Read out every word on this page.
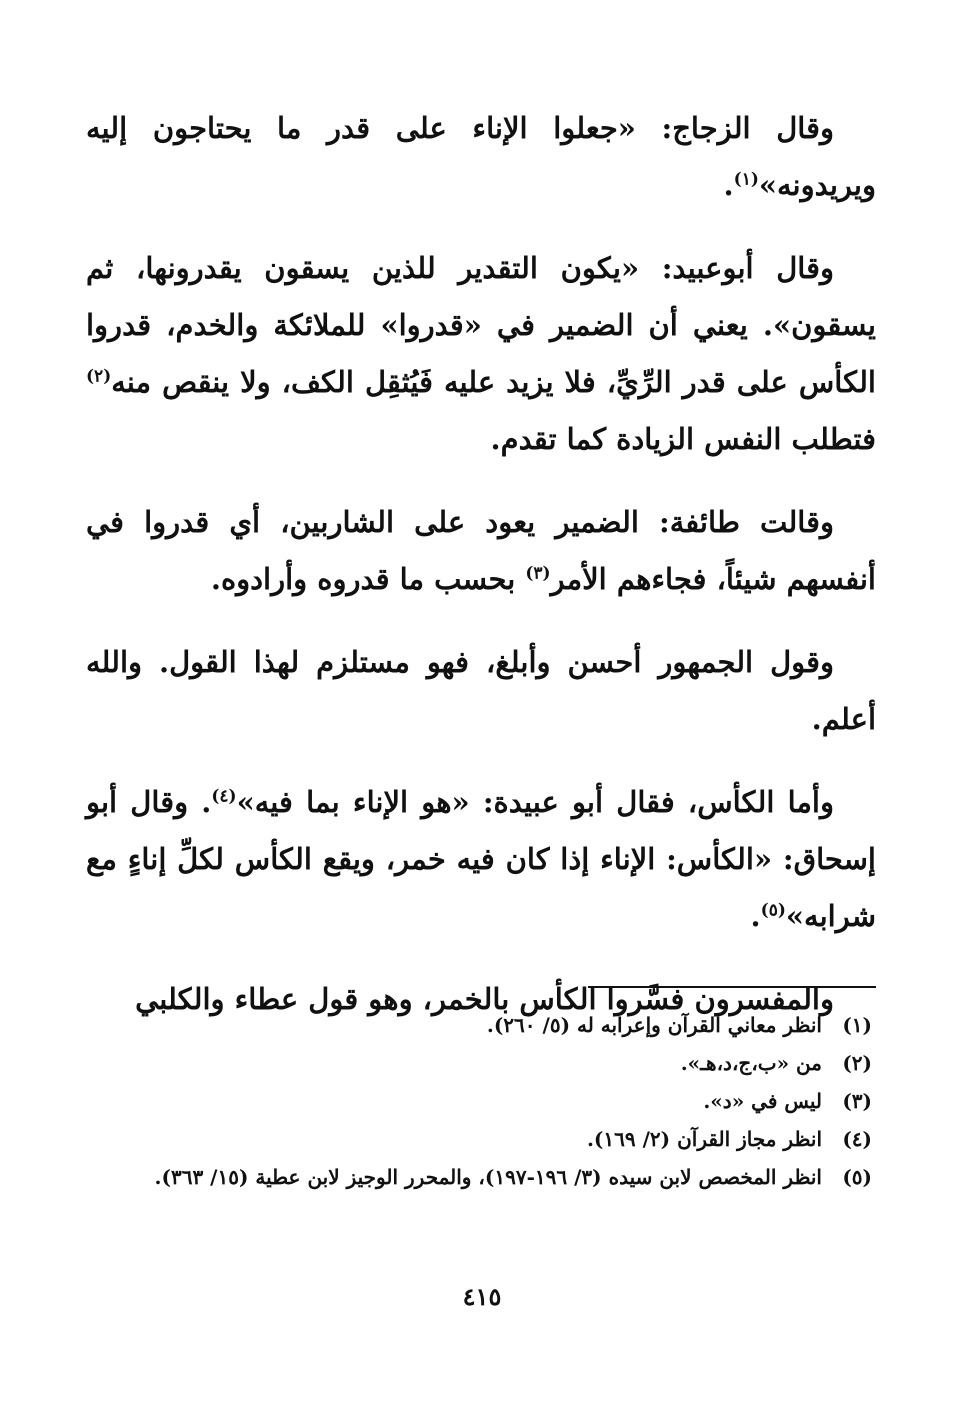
وقال الزجاج: «جعلوا الإناء على قدر ما يحتاجون إليه ويريدونه»$^{(١)}$.

وقال أبوعبيد: «يكون التقدير للذين يسقون يقدرونها، ثم يسقون». يعني أن الضمير في «قدروا» للملائكة والخدم، قدروا الكأس على قدر الرِّيِّ، فلا يزيد عليه فَيُثقِل الكف، ولا ينقص منه$^{(٢)}$ فتطلب النفس الزيادة كما تقدم.

وقالت طائفة: الضمير يعود على الشاربين، أي قدروا في أنفسهم شيئاً، فجاءهم الأمر$^{(٣)}$ بحسب ما قدروه وأرادوه.

وقول الجمهور أحسن وأبلغ، فهو مستلزم لهذا القول. والله أعلم.

وأما الكأس، فقال أبو عبيدة: «هو الإناء بما فيه»$^{(٤)}$. وقال أبو إسحاق: «الكأس: الإناء إذا كان فيه خمر، ويقع الكأس لكلِّ إناءٍ مع شرابه»$^{(٥)}$.

والمفسرون فسَّروا الكأس بالخمر، وهو قول عطاء والكلبي

(١)
انظر معاني القرآن وإعرابه له (٥/ ٢٦٠).
(٢)
من «ب،ج،د،هـ».
(٣)
ليس في «د».
(٤)
انظر مجاز القرآن (٢/ ١٦٩).
(٥)
انظر المخصص لابن سيده (٣/ ١٩٦-١٩٧)، والمحرر الوجيز لابن عطية (١٥/ ٣٦٣).
٤١٥
